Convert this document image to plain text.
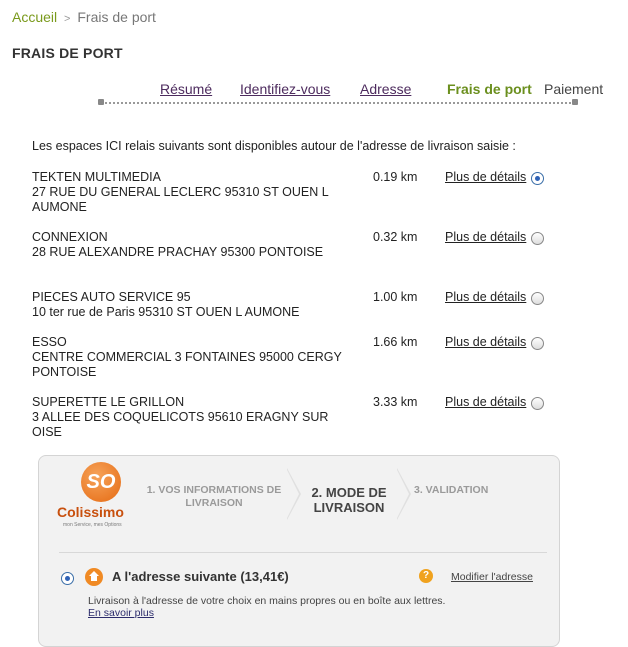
Accueil > Frais de port
FRAIS DE PORT
Résumé Identifiez-vous Adresse	Frais de port Paiement
Les espaces ICI relais suivants sont disponibles autour de l'adresse de livraison saisie :
TEKTEN MULTIMEDIA
27 RUE DU GENERAL LECLERC 95310 ST OUEN L AUMONE
0.19 km Plus de détails
CONNEXION
28 RUE ALEXANDRE PRACHAY 95300 PONTOISE
0.32 km Plus de détails
PIECES AUTO SERVICE 95
10 ter rue de Paris 95310 ST OUEN L AUMONE
1.00 km Plus de détails
ESSO
CENTRE COMMERCIAL 3 FONTAINES 95000 CERGY PONTOISE
1.66 km Plus de détails
SUPERETTE LE GRILLON
3 ALLEE DES COQUELICOTS 95610 ERAGNY SUR OISE
3.33 km Plus de détails
SO
Colissimo
mon Service, mes Options
1. VOS INFORMATIONS DE LIVRAISON
2. MODE DE LIVRAISON
3. VALIDATION
A l'adresse suivante (13,41€)	?	Modifier l'adresse
Livraison à l'adresse de votre choix en mains propres ou en boîte aux lettres.
En savoir plus
